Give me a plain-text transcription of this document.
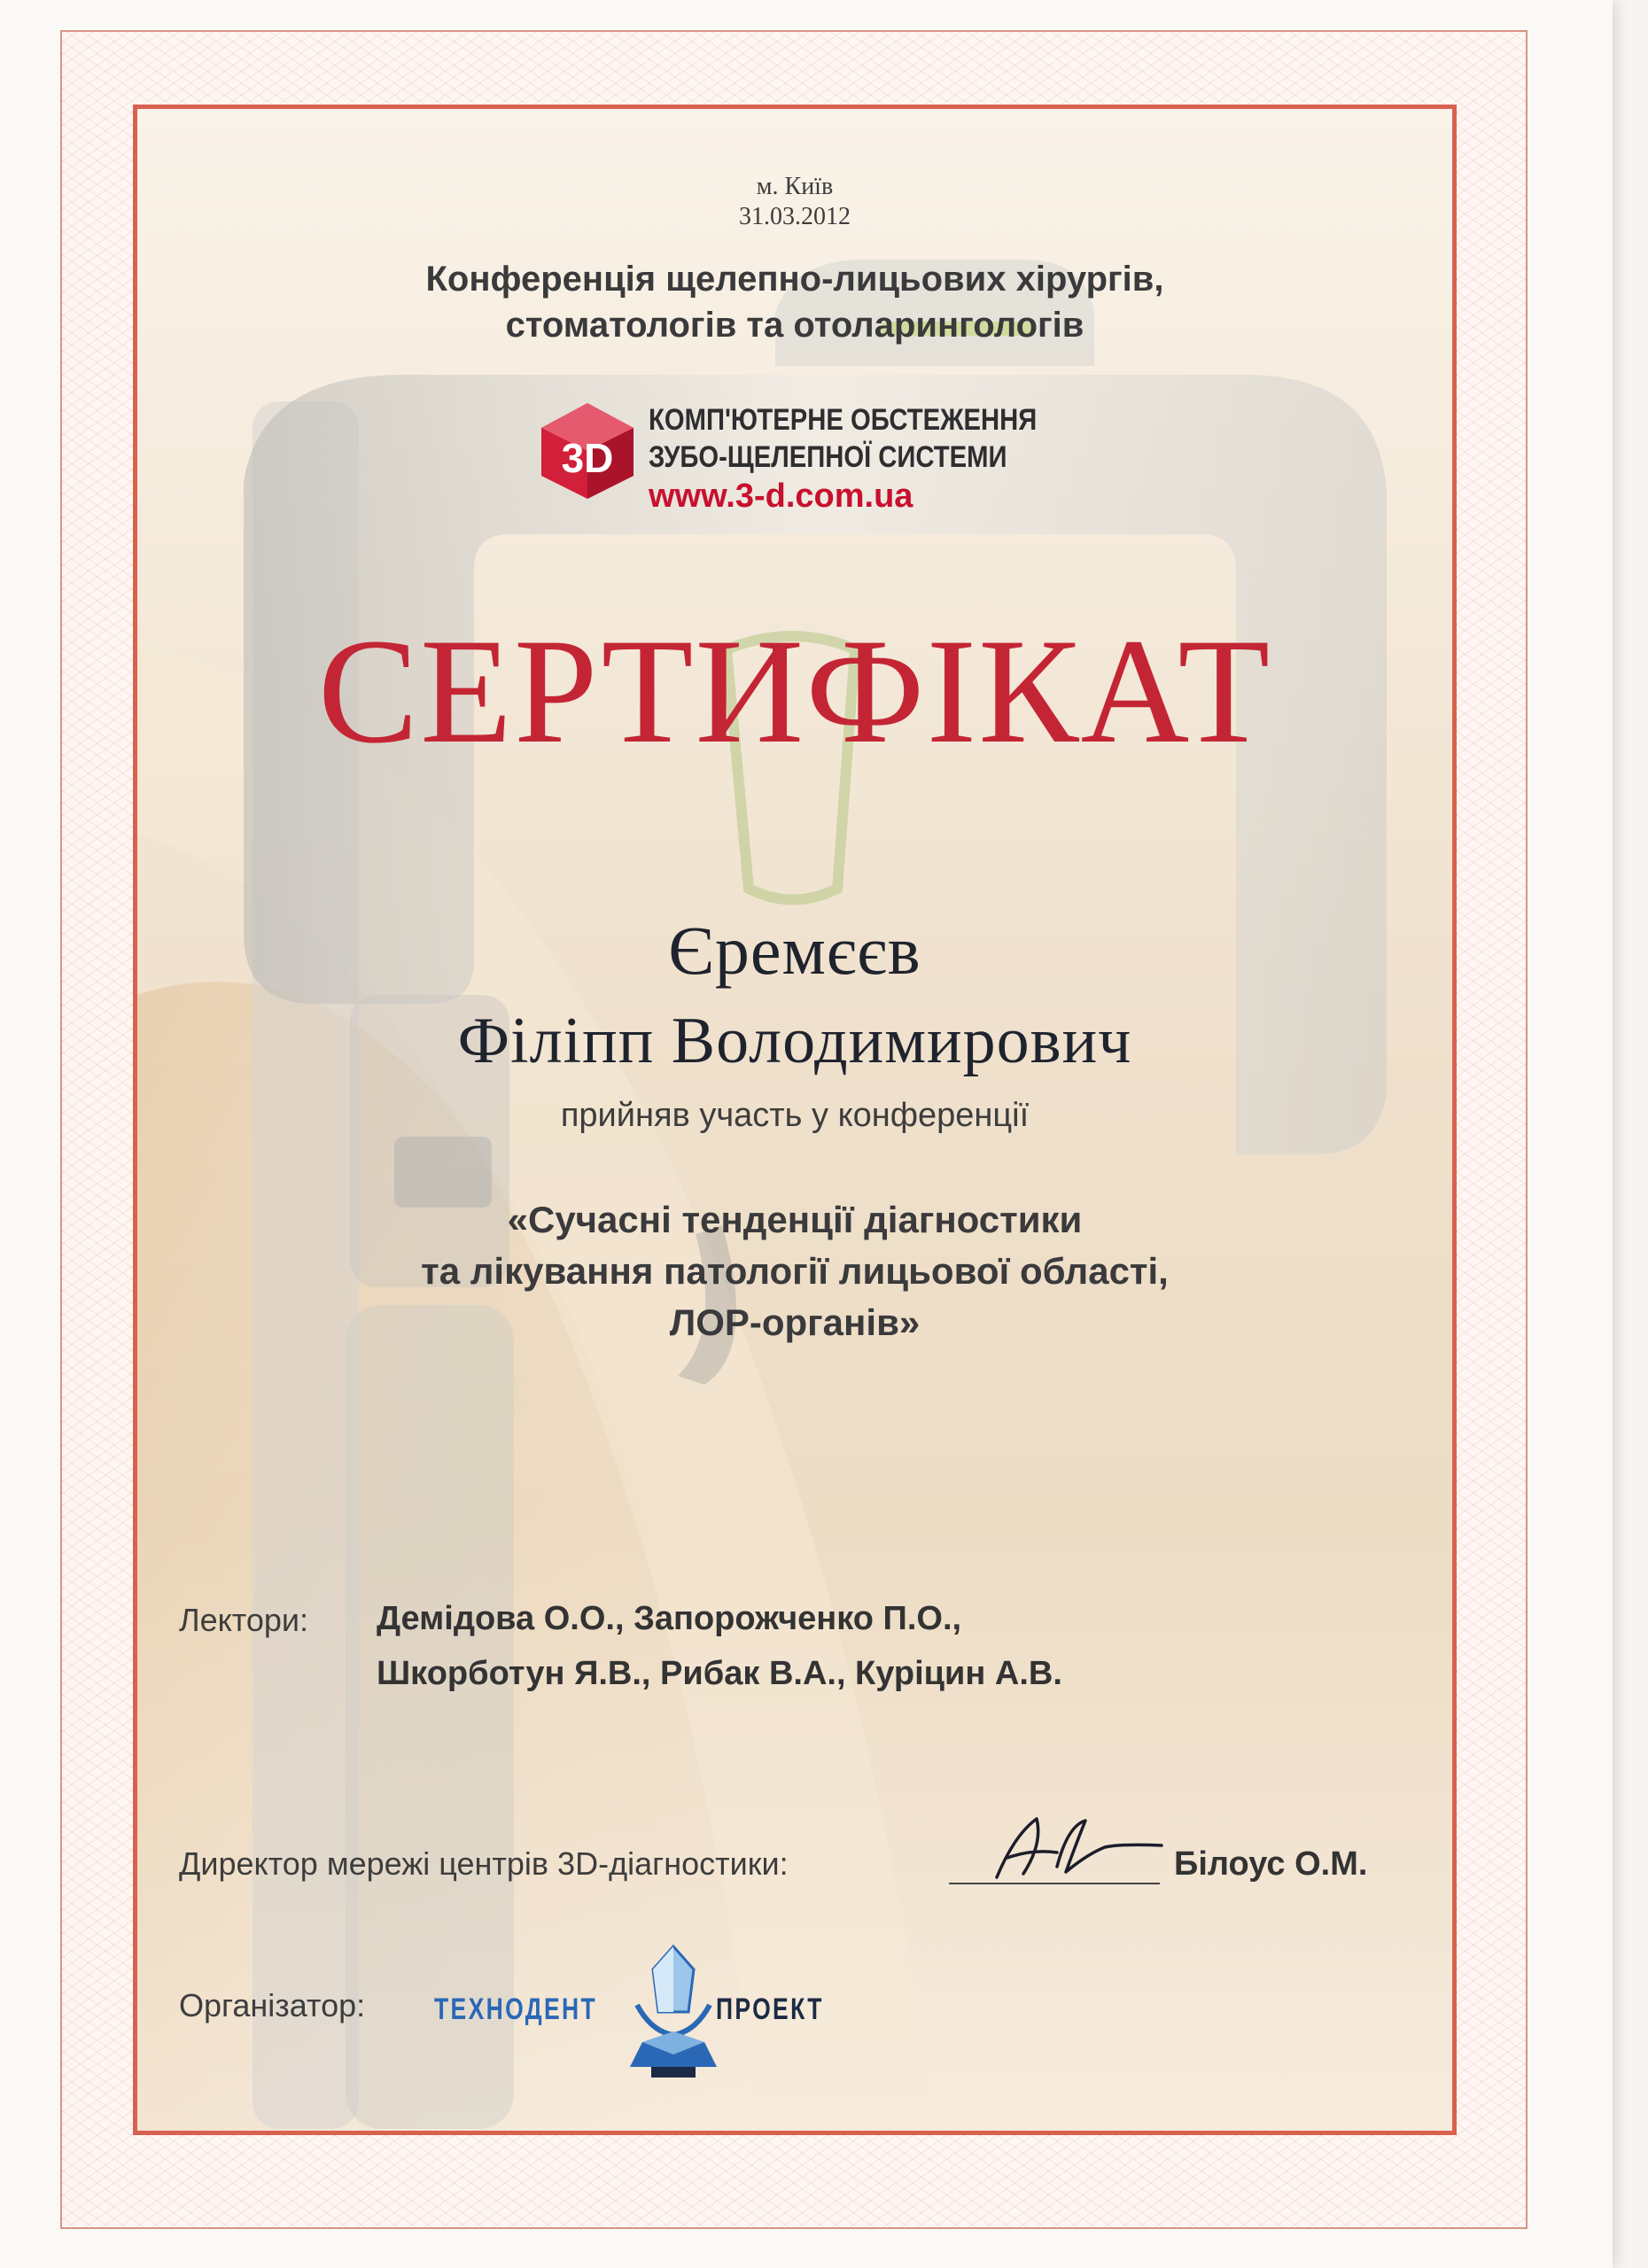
м. Київ
31.03.2012
Конференція щелепно-лицьових хірургів,
стоматологів та отоларингологів
3D
КОМП'ЮТЕРНЕ ОБСТЕЖЕННЯ
ЗУБО-ЩЕЛЕПНОЇ СИСТЕМИ
www.3-d.com.ua
СЕРТИФІКАТ
Єремєєв
Філіпп Володимирович
прийняв участь у конференції
«Сучасні тенденції діагностики
та лікування патології лицьової області,
ЛОР-органів»
Лектори: Демідова О.О., Запорожченко П.О.,
Шкорботун Я.В., Рибак В.А., Куріцин А.В.
Директор мережі центрів 3D-діагностики:	Білоус О.М.
Організатор: ТЕХНОДЕНТ	ПРОЕКТ
